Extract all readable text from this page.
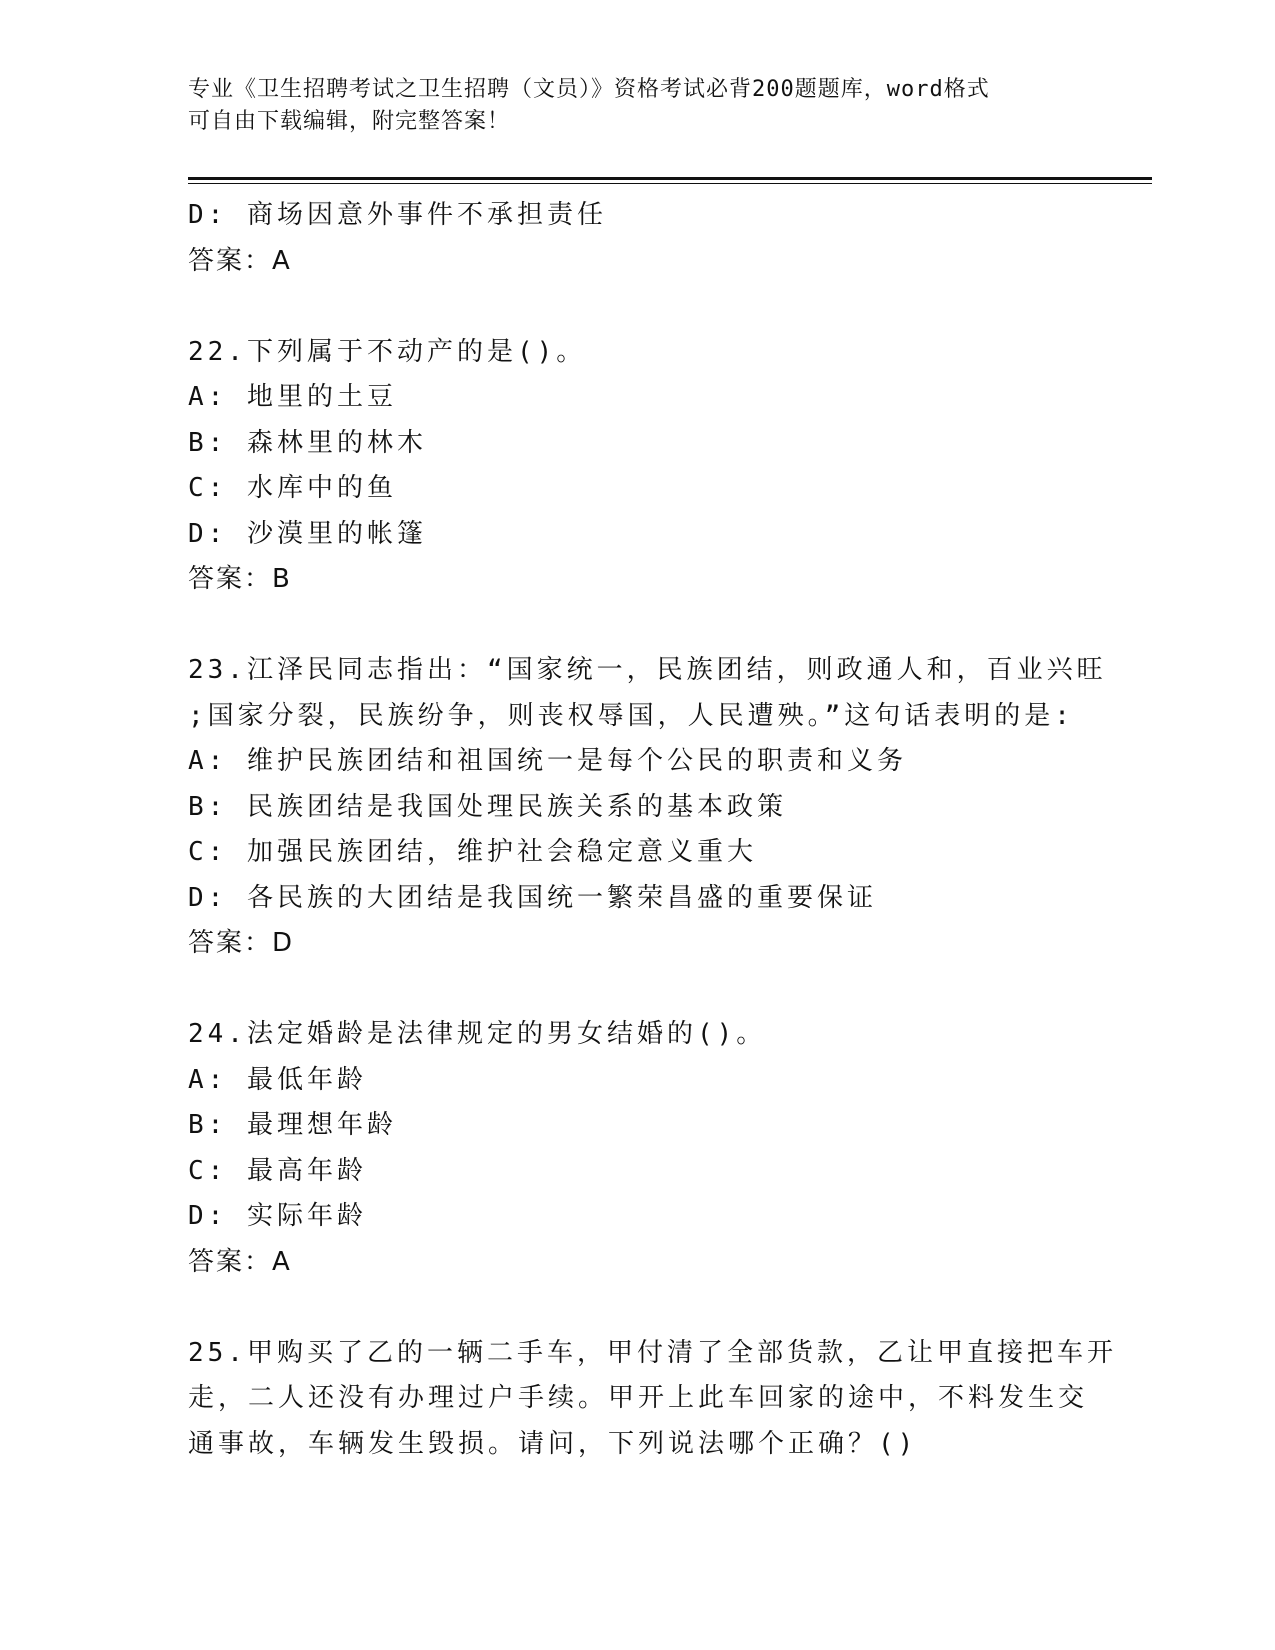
专业《卫生招聘考试之卫生招聘（文员）》资格考试必背200题题库，word格式
可自由下载编辑，附完整答案！
D: 商场因意外事件不承担责任
答案：A
22.下列属于不动产的是()。
A: 地里的土豆
B: 森林里的林木
C: 水库中的鱼
D: 沙漠里的帐篷
答案：B
23.江泽民同志指出：“国家统一，民族团结，则政通人和，百业兴旺
;国家分裂，民族纷争，则丧权辱国，人民遭殃。”这句话表明的是:
A: 维护民族团结和祖国统一是每个公民的职责和义务
B: 民族团结是我国处理民族关系的基本政策
C: 加强民族团结，维护社会稳定意义重大
D: 各民族的大团结是我国统一繁荣昌盛的重要保证
答案：D
24.法定婚龄是法律规定的男女结婚的()。
A: 最低年龄
B: 最理想年龄
C: 最高年龄
D: 实际年龄
答案：A
25.甲购买了乙的一辆二手车，甲付清了全部货款，乙让甲直接把车开
走，二人还没有办理过户手续。甲开上此车回家的途中，不料发生交
通事故，车辆发生毁损。请问，下列说法哪个正确？()
